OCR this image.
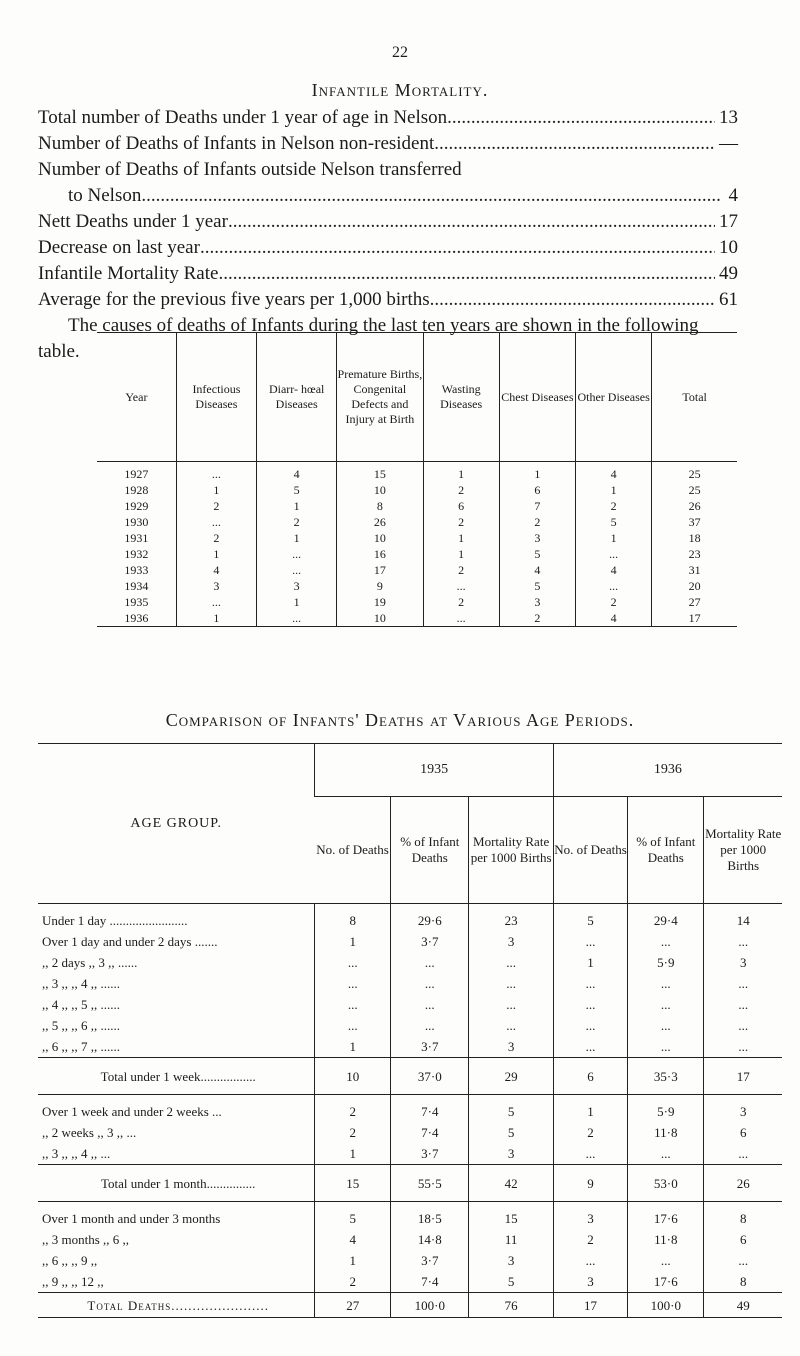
22
Infantile Mortality.
Total number of Deaths under 1 year of age in Nelson .....	13
Number of Deaths of Infants in Nelson non-resident .....	—
Number of Deaths of Infants outside Nelson transferred
to Nelson .....	4
Nett Deaths under 1 year .....	17
Decrease on last year .....	10
Infantile Mortality Rate .....	49
Average for the previous five years per 1,000 births .....	61
The causes of deaths of Infants during the last ten years are shown in the following table.
Year	Infectious Diseases	Diarr- hœal Diseases	Premature Births, Congenital Defects and Injury at Birth	Wasting Diseases	Chest Diseases	Other Diseases	Total
1927	...	4	15	1	1	4	25
1928	1	5	10	2	6	1	25
1929	2	1	8	6	7	2	26
1930	...	2	26	2	2	5	37
1931	2	1	10	1	3	1	18
1932	1	...	16	1	5	...	23
1933	4	...	17	2	4	4	31
1934	3	3	9	...	5	...	20
1935	...	1	19	2	3	2	27
1936	1	...	10	...	2	4	17
Comparison of Infants' Deaths at Various Age Periods.
AGE GROUP.	1935			1936		
	No. of Deaths	% of Infant Deaths	Mortality Rate per 1000 Births	No. of Deaths	% of Infant Deaths	Mortality Rate per 1000 Births
Under 1 day ........................	8	29·6	23	5	29·4	14
Over 1 day and under 2 days .......	1	3·7	3	...	...	...
,, 2 days ,, 3 ,, ......	...	...	...	1	5·9	3
,, 3 ,, ,, 4 ,, ......	...	...	...	...	...	...
,, 4 ,, ,, 5 ,, ......	...	...	...	...	...	...
,, 5 ,, ,, 6 ,, ......	...	...	...	...	...	...
,, 6 ,, ,, 7 ,, ......	1	3·7	3	...	...	...
Total under 1 week.................	10	37·0	29	6	35·3	17
Over 1 week and under 2 weeks ...	2	7·4	5	1	5·9	3
,, 2 weeks ,, 3 ,, ...	2	7·4	5	2	11·8	6
,, 3 ,, ,, 4 ,, ...	1	3·7	3	...	...	...
Total under 1 month...............	15	55·5	42	9	53·0	26
Over 1 month and under 3 months	5	18·5	15	3	17·6	8
,, 3 months ,, 6 ,,	4	14·8	11	2	11·8	6
,, 6 ,, ,, 9 ,,	1	3·7	3	...	...	...
,, 9 ,, ,, 12 ,,	2	7·4	5	3	17·6	8
Total Deaths.......................	27	100·0	76	17	100·0	49
